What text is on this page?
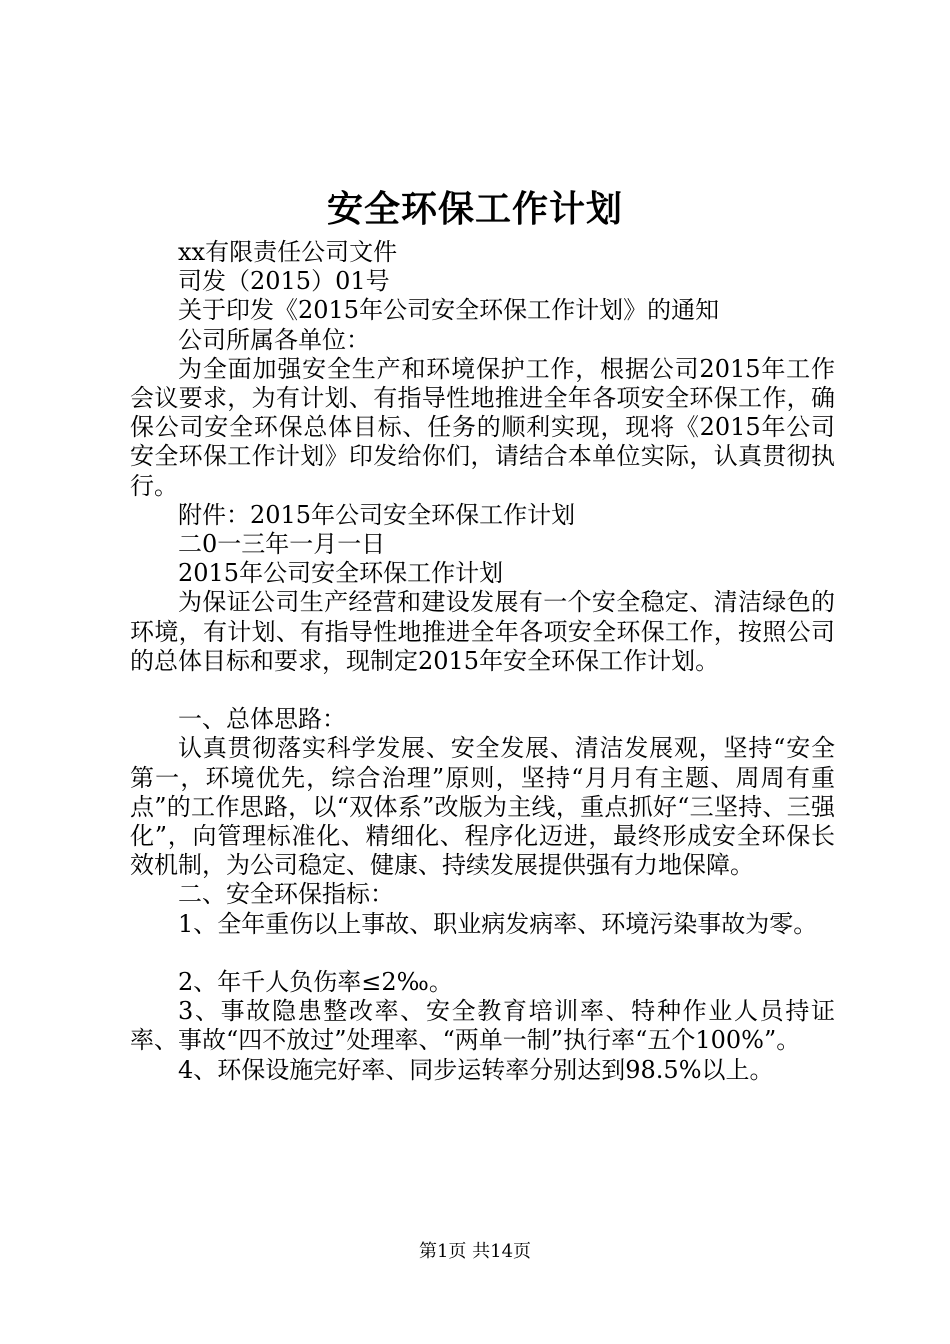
安全环保工作计划

xx有限责任公司文件

司发（2015）01号

关于印发《2015年公司安全环保工作计划》的通知

公司所属各单位：

为全面加强安全生产和环境保护工作，根据公司2015年工作会议要求，为有计划、有指导性地推进全年各项安全环保工作，确保公司安全环保总体目标、任务的顺利实现，现将《2015年公司安全环保工作计划》印发给你们，请结合本单位实际，认真贯彻执行。

附件：2015年公司安全环保工作计划

二0一三年一月一日

2015年公司安全环保工作计划

为保证公司生产经营和建设发展有一个安全稳定、清洁绿色的环境，有计划、有指导性地推进全年各项安全环保工作，按照公司的总体目标和要求，现制定2015年安全环保工作计划。

一、总体思路：

认真贯彻落实科学发展、安全发展、清洁发展观，坚持“安全第一，环境优先，综合治理”原则，坚持“月月有主题、周周有重点”的工作思路，以“双体系”改版为主线，重点抓好“三坚持、三强化”，向管理标准化、精细化、程序化迈进，最终形成安全环保长效机制，为公司稳定、健康、持续发展提供强有力地保障。

二、安全环保指标：

1、全年重伤以上事故、职业病发病率、环境污染事故为零。

2、年千人负伤率≤2‰。

3、事故隐患整改率、安全教育培训率、特种作业人员持证率、事故“四不放过”处理率、“两单一制”执行率“五个100%”。

4、环保设施完好率、同步运转率分别达到98.5%以上。

第1页 共14页
